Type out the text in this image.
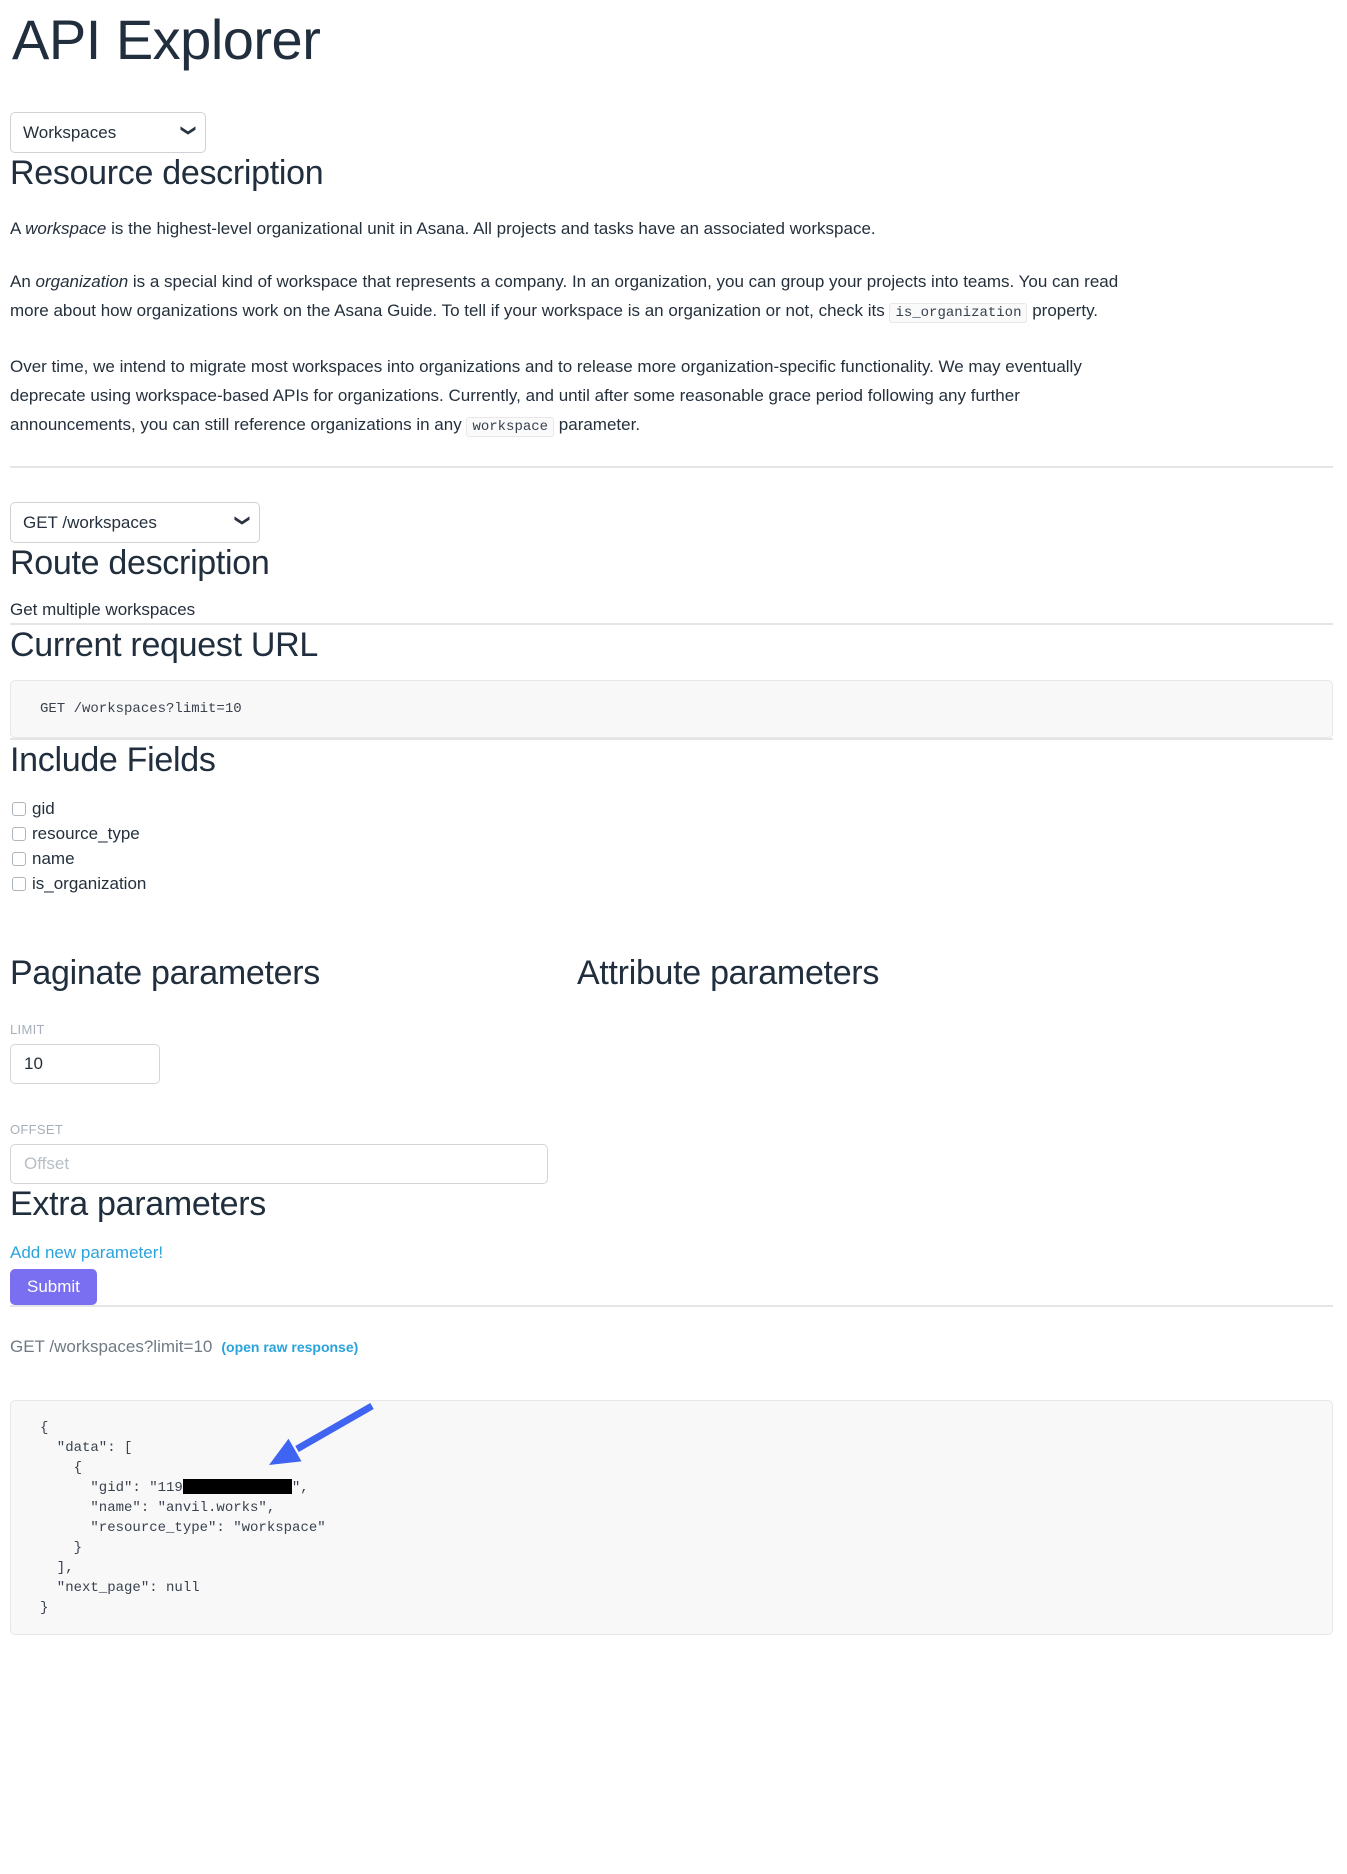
API Explorer
Workspaces
❯
Resource description

A workspace is the highest-level organizational unit in Asana. All projects and tasks have an associated workspace.

An organization is a special kind of workspace that represents a company. In an organization, you can group your projects into teams. You can read more about how organizations work on the Asana Guide. To tell if your workspace is an organization or not, check its is_organization property.

Over time, we intend to migrate most workspaces into organizations and to release more organization-specific functionality. We may eventually deprecate using workspace-based APIs for organizations. Currently, and until after some reasonable grace period following any further announcements, you can still reference organizations in any workspace parameter.

GET /workspaces
❯
Route description

Get multiple workspaces

Current request URL
GET /workspaces?limit=10
Include Fields
gid
resource_type
name
is_organization
Paginate parameters	Attribute parameters
LIMIT
10
OFFSET
Offset
Extra parameters
Add new parameter!
Submit
GET /workspaces?limit=10 (open raw response)
{
"data": [
{
"gid": "119	",
"name": "anvil.works",
"resource_type": "workspace"
}
],
"next_page": null
}
